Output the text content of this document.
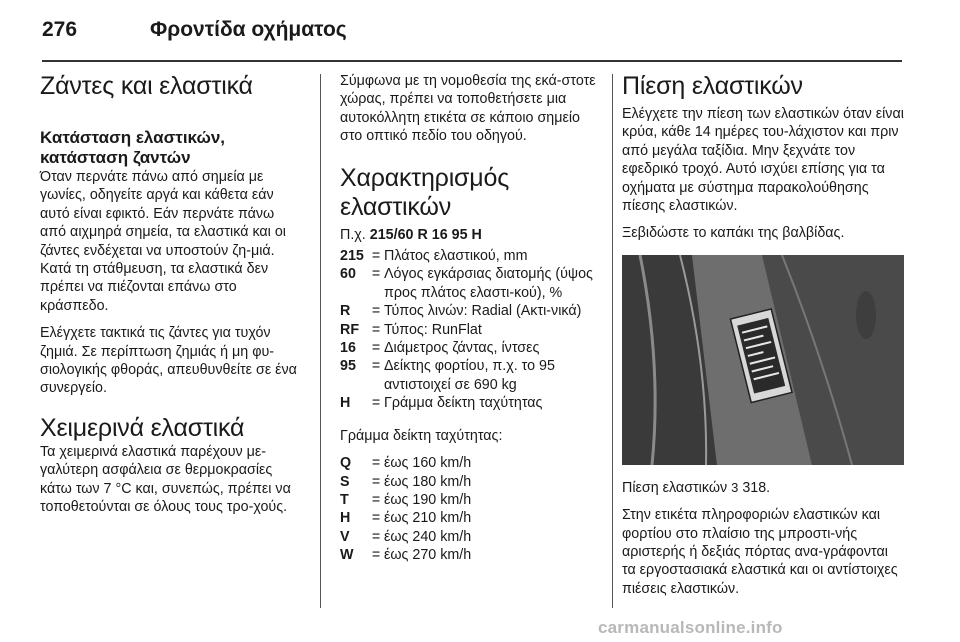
276	Φροντίδα οχήματος
Ζάντες και ελαστικά
Κατάσταση ελαστικών,
κατάσταση ζαντών

Όταν περνάτε πάνω από σημεία με γωνίες, οδηγείτε αργά και κάθετα εάν αυτό είναι εφικτό. Εάν περνάτε πάνω από αιχμηρά σημεία, τα ελαστικά και οι ζάντες ενδέχεται να υποστούν ζη-μιά. Κατά τη στάθμευση, τα ελαστικά δεν πρέπει να πιέζονται επάνω στο κράσπεδο.

Ελέγχετε τακτικά τις ζάντες για τυχόν ζημιά. Σε περίπτωση ζημιάς ή μη φυ-σιολογικής φθοράς, απευθυνθείτε σε ένα συνεργείο.

Χειμερινά ελαστικά

Τα χειμερινά ελαστικά παρέχουν με-γαλύτερη ασφάλεια σε θερμοκρασίες κάτω των 7 °C και, συνεπώς, πρέπει να τοποθετούνται σε όλους τους τρο-χούς.

Σύμφωνα με τη νομοθεσία της εκά-στοτε χώρας, πρέπει να τοποθετήσετε μια αυτοκόλλητη ετικέτα σε κάποιο σημείο στο οπτικό πεδίο του οδηγού.

Χαρακτηρισμός ελαστικών

Π.χ. 215/60 R 16 95 H

215	=	Πλάτος ελαστικού, mm
60	=	Λόγος εγκάρσιας διατομής (ύψος προς πλάτος ελαστι-κού), %
R	=	Τύπος λινών: Radial (Ακτι-νικά)
RF	=	Τύπος: RunFlat
16	=	Διάμετρος ζάντας, ίντσες
95	=	Δείκτης φορτίου, π.χ. το 95 αντιστοιχεί σε 690 kg
H	=	Γράμμα δείκτη ταχύτητας

Γράμμα δείκτη ταχύτητας:

Q	=	έως 160 km/h
S	=	έως 180 km/h
T	=	έως 190 km/h
H	=	έως 210 km/h
V	=	έως 240 km/h
W	=	έως 270 km/h
Πίεση ελαστικών

Ελέγχετε την πίεση των ελαστικών όταν είναι κρύα, κάθε 14 ημέρες του-λάχιστον και πριν από μεγάλα ταξίδια. Μην ξεχνάτε τον εφεδρικό τροχό. Αυτό ισχύει επίσης για τα οχήματα με σύστημα παρακολούθησης πίεσης ελαστικών.

Ξεβιδώστε το καπάκι της βαλβίδας.

Πίεση ελαστικών 3 318.

Στην ετικέτα πληροφοριών ελαστικών και φορτίου στο πλαίσιο της μπροστι-νής αριστερής ή δεξιάς πόρτας ανα-γράφονται τα εργοστασιακά ελαστικά και οι αντίστοιχες πιέσεις ελαστικών.

carmanualsonline.info
